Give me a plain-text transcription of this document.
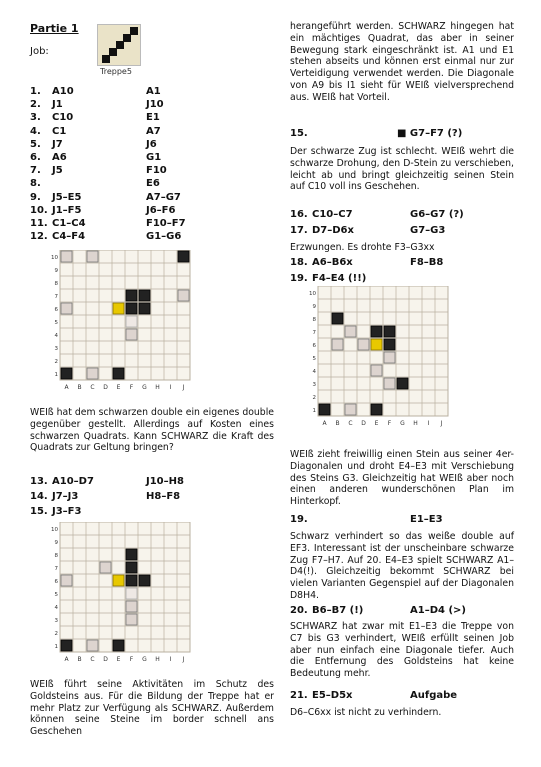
Partie 1
Job:
Treppe5
1. A10	A1
2. J1	J10
3. C10	E1
4. C1	A7
5. J7	J6
6. A6	G1
7. J5	F10
8.	E6
9. J5–E5	A7–G7
10. J1–F5	J6–F6
11. C1–C4	F10–F7
12. C4–F4	G1–G6
10
9
8
7
6
5
4
3
2
1
A B C D E F G H I J
WEIß hat dem schwarzen double ein eigenes double gegenüber gestellt. Allerdings auf Kosten eines schwarzen Quadrats. Kann SCHWARZ die Kraft des Quadrats zur Geltung bringen?
13. A10–D7	J10–H8
14. J7–J3	H8–F8
15. J3–F3
10
9
8
7
6
5
4
3
2
1
A B C D E F G H I J
WEIß führt seine Aktivitäten im Schutz des Goldsteins aus. Für die Bildung der Treppe hat er mehr Platz zur Verfügung als SCHWARZ. Außerdem können seine Steine im border schnell ans Geschehen
herangeführt werden. SCHWARZ hingegen hat ein mächtiges Quadrat, das aber in seiner Bewegung stark eingeschränkt ist. A1 und E1 stehen abseits und können erst einmal nur zur Verteidigung verwendet werden. Die Diagonale von A9 bis I1 sieht für WEIß vielversprechend aus. WEIß hat Vorteil.
15.	■ G7–F7 (?)
Der schwarze Zug ist schlecht. WEIß wehrt die schwarze Drohung, den D-Stein zu verschieben, leicht ab und bringt gleichzeitig seinen Stein auf C10 voll ins Geschehen.
16. C10–C7	G6–G7 (?)
17. D7–D6x	G7–G3
Erzwungen. Es drohte F3–G3xx
18. A6–B6x	F8–B8
19. F4–E4 (!!)
10
9
8
7
6
5
4
3
2
1
A B C D E F G H I J
WEIß zieht freiwillig einen Stein aus seiner 4er-Diagonalen und droht E4–E3 mit Verschiebung des Steins G3. Gleichzeitig hat WEIß aber noch einen anderen wunderschönen Plan im Hinterkopf.
19.	E1–E3
Schwarz verhindert so das weiße double auf EF3. Interessant ist der unscheinbare schwarze Zug F7–H7. Auf 20. E4–E3 spielt SCHWARZ A1–D4(!). Gleichzeitig bekommt SCHWARZ bei vielen Varianten Gegenspiel auf der Diagonalen D8H4.
20. B6–B7 (!)	A1–D4 (>)
SCHWARZ hat zwar mit E1–E3 die Treppe von C7 bis G3 verhindert, WEIß erfüllt seinen Job aber nun einfach eine Diagonale tiefer. Auch die Entfernung des Goldsteins hat keine Bedeutung mehr.
21. E5–D5x	Aufgabe
D6–C6xx ist nicht zu verhindern.
